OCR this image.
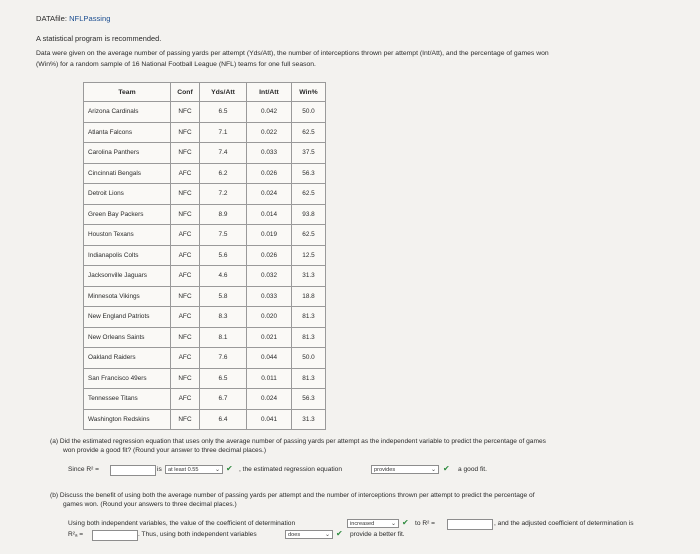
DATAfile: NFLPassing
A statistical program is recommended.
Data were given on the average number of passing yards per attempt (Yds/Att), the number of interceptions thrown per attempt (Int/Att), and the percentage of games won
(Win%) for a random sample of 16 National Football League (NFL) teams for one full season.
Team	Conf	Yds/Att	Int/Att	Win%
Arizona Cardinals	NFC	6.5	0.042	50.0
Atlanta Falcons	NFC	7.1	0.022	62.5
Carolina Panthers	NFC	7.4	0.033	37.5
Cincinnati Bengals	AFC	6.2	0.026	56.3
Detroit Lions	NFC	7.2	0.024	62.5
Green Bay Packers	NFC	8.9	0.014	93.8
Houston Texans	AFC	7.5	0.019	62.5
Indianapolis Colts	AFC	5.6	0.026	12.5
Jacksonville Jaguars	AFC	4.6	0.032	31.3
Minnesota Vikings	NFC	5.8	0.033	18.8
New England Patriots	AFC	8.3	0.020	81.3
New Orleans Saints	NFC	8.1	0.021	81.3
Oakland Raiders	AFC	7.6	0.044	50.0
San Francisco 49ers	NFC	6.5	0.011	81.3
Tennessee Titans	AFC	6.7	0.024	56.3
Washington Redskins	NFC	6.4	0.041	31.3
(a) Did the estimated regression equation that uses only the average number of passing yards per attempt as the independent variable to predict the percentage of games
won provide a good fit? (Round your answer to three decimal places.)
Since R² =	is	at least 0.55	⌄ ✔ , the estimated regression equation	provides	⌄ ✔ a good fit.
(b) Discuss the benefit of using both the average number of passing yards per attempt and the number of interceptions thrown per attempt to predict the percentage of
games won. (Round your answers to three decimal places.)
Using both independent variables, the value of the coefficient of determination	increased	⌄ ✔ to R² =	, and the adjusted coefficient of determination is
R²ₐ =	. Thus, using both independent variables	does	⌄ ✔ provide a better fit.
